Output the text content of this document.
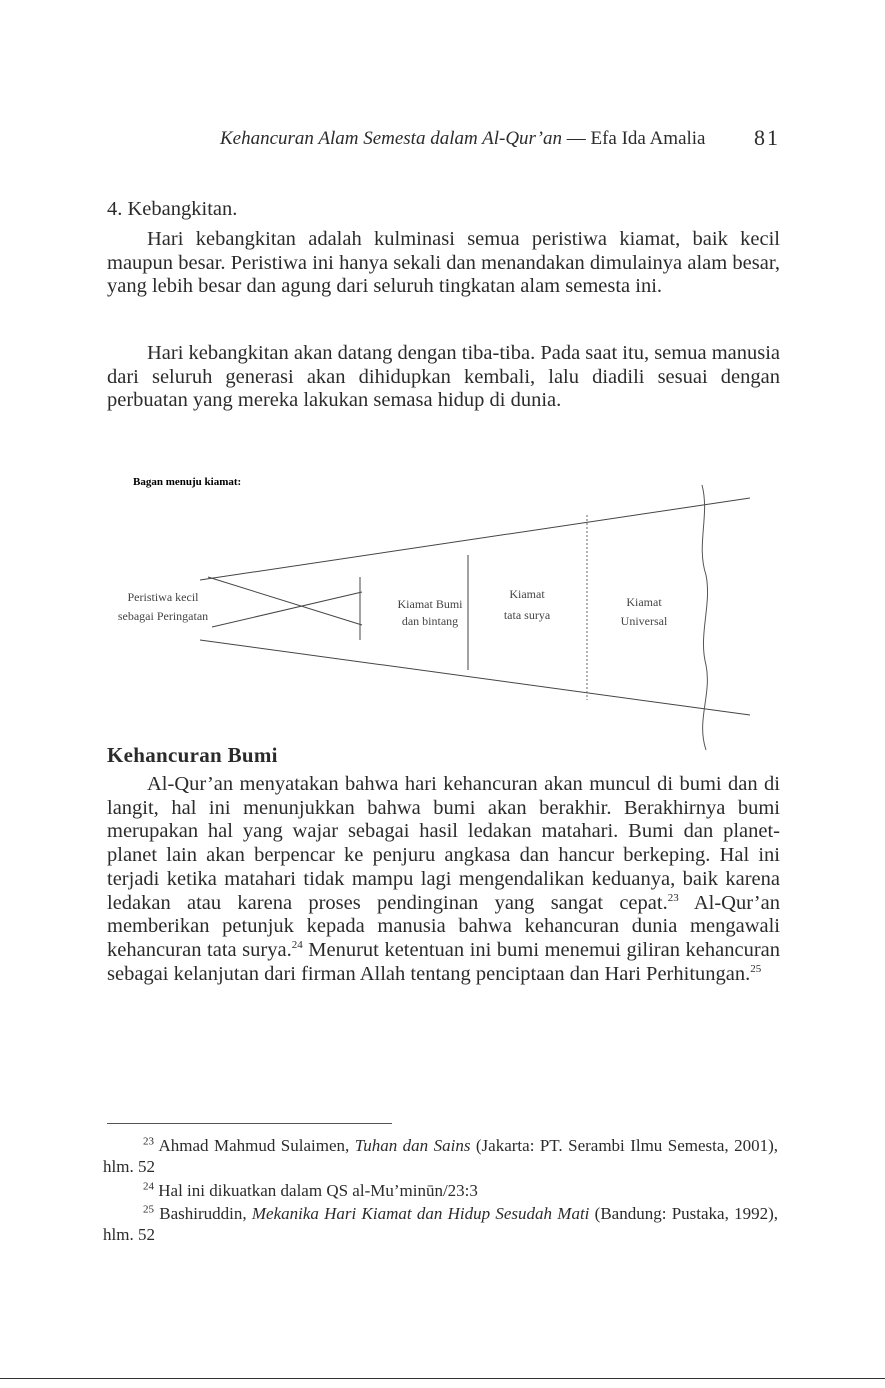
Kehancuran Alam Semesta dalam Al-Qur’an — Efa Ida Amalia 81
4. Kebangkitan.
Hari kebangkitan adalah kulminasi semua peristiwa kiamat, baik kecil maupun besar. Peristiwa ini hanya sekali dan menandakan dimulainya alam besar, yang lebih besar dan agung dari seluruh tingkatan alam semesta ini.
Hari kebangkitan akan datang dengan tiba-tiba. Pada saat itu, semua manusia dari seluruh generasi akan dihidupkan kembali, lalu diadili sesuai dengan perbuatan yang mereka lakukan semasa hidup di dunia.
Bagan menuju kiamat:
Peristiwa kecil
sebagai Peringatan
Kiamat Bumi
dan bintang
Kiamat
tata surya
Kiamat
Universal
Kehancuran Bumi
Al-Qur’an menyatakan bahwa hari kehancuran akan muncul di bumi dan di langit, hal ini menunjukkan bahwa bumi akan berakhir. Berakhirnya bumi merupakan hal yang wajar sebagai hasil ledakan matahari. Bumi dan planet-planet lain akan berpencar ke penjuru angkasa dan hancur berkeping. Hal ini terjadi ketika matahari tidak mampu lagi mengendalikan keduanya, baik karena ledakan atau karena proses pendinginan yang sangat cepat.$^{23}$ Al-Qur’an memberikan petunjuk kepada manusia bahwa kehancuran dunia mengawali kehancuran tata surya.$^{24}$ Menurut ketentuan ini bumi menemui giliran kehancuran sebagai kelanjutan dari firman Allah tentang penciptaan dan Hari Perhitungan.$^{25}$
$^{23}$ Ahmad Mahmud Sulaimen, Tuhan dan Sains (Jakarta: PT. Serambi Ilmu Semesta, 2001), hlm. 52
$^{24}$ Hal ini dikuatkan dalam QS al-Mu’minūn/23:3
$^{25}$ Bashiruddin, Mekanika Hari Kiamat dan Hidup Sesudah Mati (Bandung: Pustaka, 1992), hlm. 52
